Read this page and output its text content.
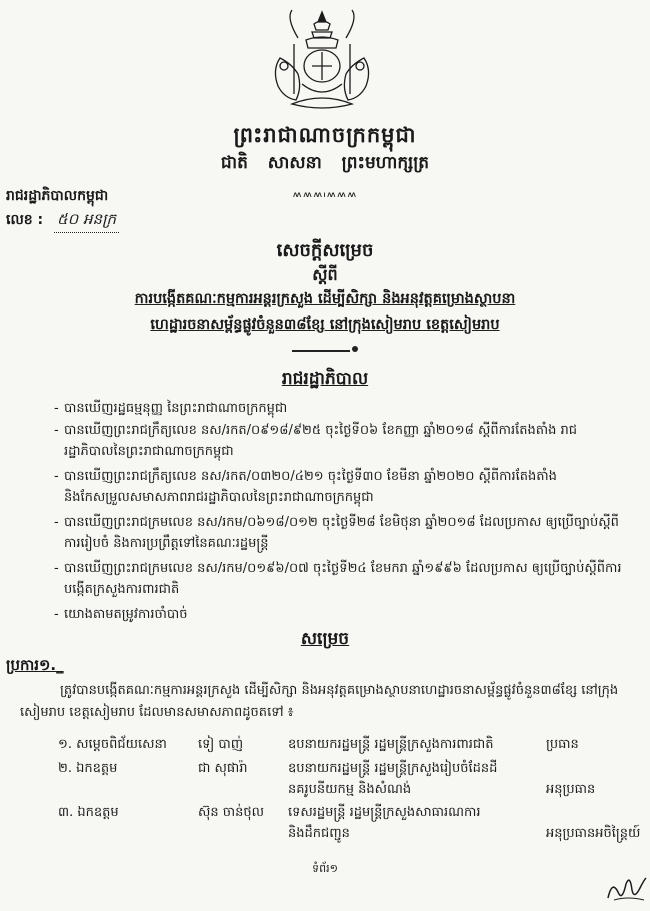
ព្រះរាជាណាចក្រកម្ពុជា
ជាតិ សាសនា ព្រះមហាក្សត្រ
៳៳៳៲៳៳៳
រាជរដ្ឋាភិបាលកម្ពុជា
លេខ : ៥០ អនក្រ
សេចក្តីសម្រេច
ស្តីពី
ការបង្កើតគណៈកម្មការអន្តរក្រសួង ដើម្បីសិក្សា និងអនុវត្តគម្រោងស្ថាបនា
ហេដ្ឋារចនាសម្ព័ន្ធផ្លូវចំនួន៣៨ខ្សែ នៅក្រុងសៀមរាប ខេត្តសៀមរាប
រាជរដ្ឋាភិបាល
- បានឃើញរដ្ឋធម្មនុញ្ញ នៃព្រះរាជាណាចក្រកម្ពុជា
- បានឃើញព្រះរាជក្រឹត្យលេខ នស/រកត/០៩១៨/៩២៥ ចុះថ្ងៃទី០៦ ខែកញ្ញា ឆ្នាំ២០១៨ ស្តីពីការតែងតាំង រាជរដ្ឋាភិបាលនៃព្រះរាជាណាចក្រកម្ពុជា
- បានឃើញព្រះរាជក្រឹត្យលេខ នស/រកត/០៣២០/៤២១ ចុះថ្ងៃទី៣០ ខែមីនា ឆ្នាំ២០២០ ស្តីពីការតែងតាំង និងកែសម្រួលសមាសភាពរាជរដ្ឋាភិបាលនៃព្រះរាជាណាចក្រកម្ពុជា
- បានឃើញព្រះរាជក្រមលេខ នស/រកម/០៦១៨/០១២ ចុះថ្ងៃទី២៨ ខែមិថុនា ឆ្នាំ២០១៨ ដែលប្រកាស ឲ្យប្រើច្បាប់ស្តីពីការរៀបចំ និងការប្រព្រឹត្តទៅនៃគណៈរដ្ឋមន្ត្រី
- បានឃើញព្រះរាជក្រមលេខ នស/រកម/០១៩៦/០៧ ចុះថ្ងៃទី២៤ ខែមករា ឆ្នាំ១៩៩៦ ដែលប្រកាស ឲ្យប្រើច្បាប់ស្តីពីការបង្កើតក្រសួងការពារជាតិ
- យោងតាមតម្រូវការចាំបាច់
សម្រេច
ប្រការ១._
ត្រូវបានបង្កើតគណៈកម្មការអន្តរក្រសួង ដើម្បីសិក្សា និងអនុវត្តគម្រោងស្ថាបនាហេដ្ឋារចនាសម្ព័ន្ធផ្លូវចំនួន៣៨ខ្សែ នៅក្រុងសៀមរាប ខេត្តសៀមរាប ដែលមានសមាសភាពដូចតទៅ ៖
១. សម្តេចពិជ័យសេនា	ទៀ បាញ់	ឧបនាយករដ្ឋមន្ត្រី រដ្ឋមន្ត្រីក្រសួងការពារជាតិ	ប្រធាន
២. ឯកឧត្តម	ជា សុផារ៉ា	ឧបនាយករដ្ឋមន្ត្រី រដ្ឋមន្ត្រីក្រសួងរៀបចំដែនដី
នគរូបនីយកម្ម និងសំណង់	អនុប្រធាន
៣. ឯកឧត្តម	ស៊ុន ចាន់ថុល	ទេសរដ្ឋមន្ត្រី រដ្ឋមន្ត្រីក្រសួងសាធារណការ
និងដឹកជញ្ជូន	អនុប្រធានអចិន្ត្រៃយ៍
ទំព័រ១
